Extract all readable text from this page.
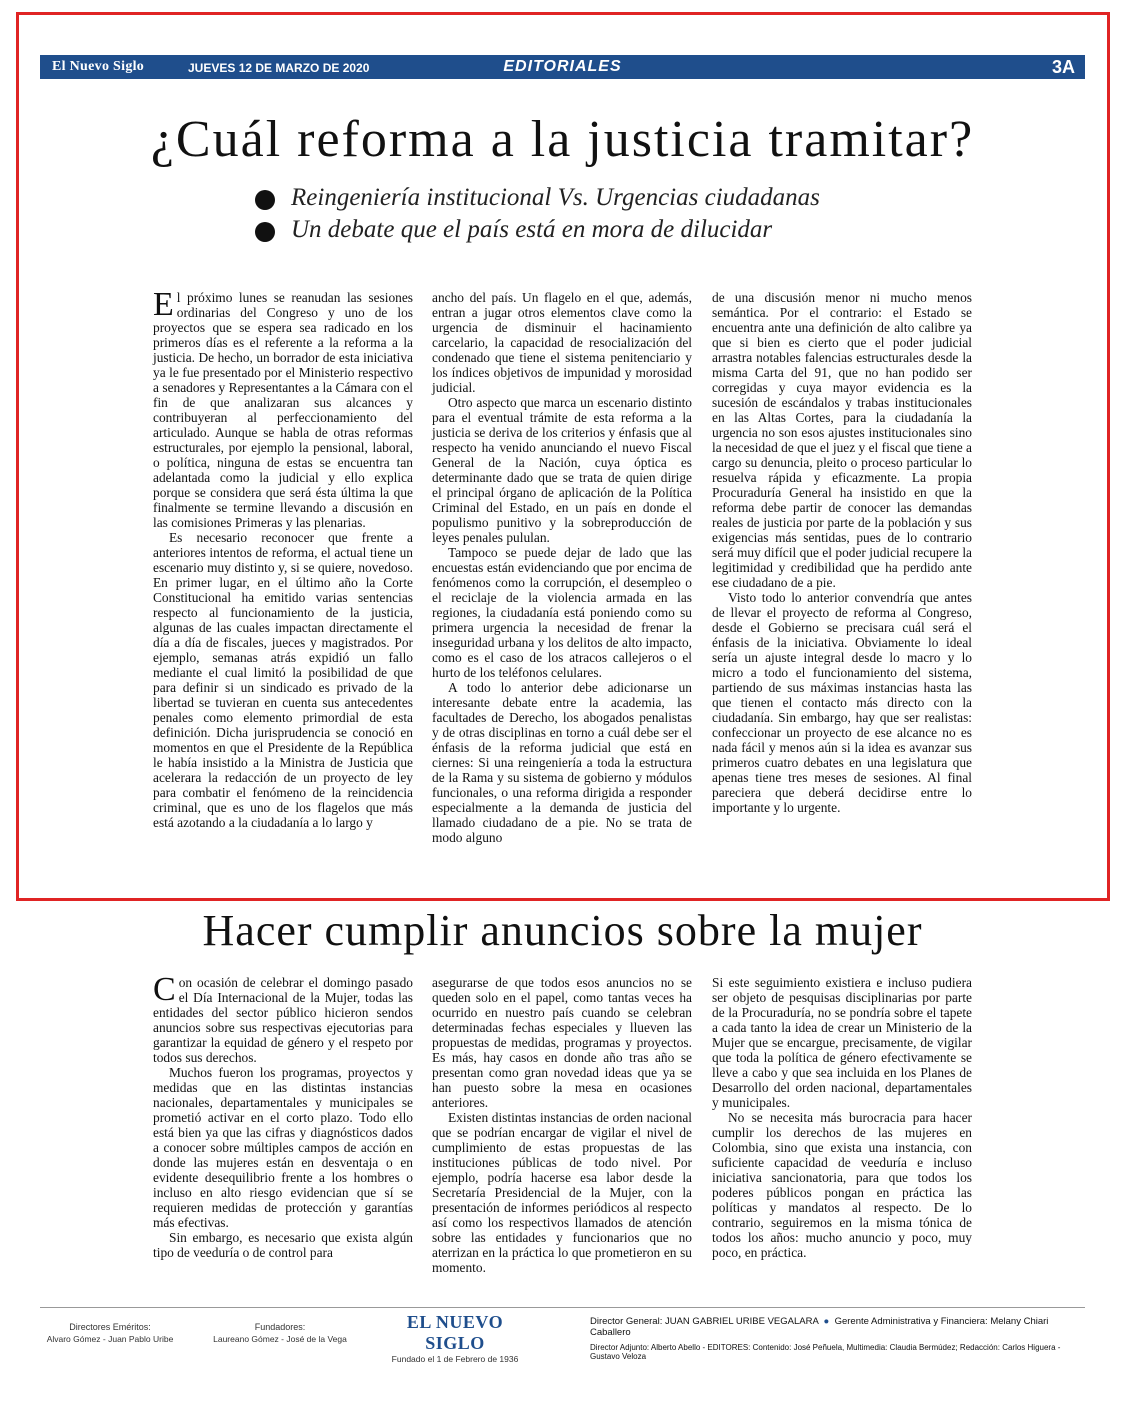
El Nuevo Siglo	JUEVES 12 DE MARZO DE 2020	EDITORIALES	3A
¿Cuál reforma a la justicia tramitar?
Reingeniería institucional Vs. Urgencias ciudadanas
Un debate que el país está en mora de dilucidar

El próximo lunes se reanudan las sesiones ordinarias del Congreso y uno de los proyectos que se espera sea radicado en los primeros días es el referente a la reforma a la justicia. De hecho, un borrador de esta iniciativa ya le fue presentado por el Ministerio respectivo a senadores y Representantes a la Cámara con el fin de que analizaran sus alcances y contribuyeran al perfeccionamiento del articulado. Aunque se habla de otras reformas estructurales, por ejemplo la pensional, laboral, o política, ninguna de estas se encuentra tan adelantada como la judicial y ello explica porque se considera que será ésta última la que finalmente se termine llevando a discusión en las comisiones Primeras y las plenarias.

Es necesario reconocer que frente a anteriores intentos de reforma, el actual tiene un escenario muy distinto y, si se quiere, novedoso. En primer lugar, en el último año la Corte Constitucional ha emitido varias sentencias respecto al funcionamiento de la justicia, algunas de las cuales impactan directamente el día a día de fiscales, jueces y magistrados. Por ejemplo, semanas atrás expidió un fallo mediante el cual limitó la posibilidad de que para definir si un sindicado es privado de la libertad se tuvieran en cuenta sus antecedentes penales como elemento primordial de esta definición. Dicha jurisprudencia se conoció en momentos en que el Presidente de la República le había insistido a la Ministra de Justicia que acelerara la redacción de un proyecto de ley para combatir el fenómeno de la reincidencia criminal, que es uno de los flagelos que más está azotando a la ciudadanía a lo largo y

ancho del país. Un flagelo en el que, además, entran a jugar otros elementos clave como la urgencia de disminuir el hacinamiento carcelario, la capacidad de resocialización del condenado que tiene el sistema penitenciario y los índices objetivos de impunidad y morosidad judicial.

Otro aspecto que marca un escenario distinto para el eventual trámite de esta reforma a la justicia se deriva de los criterios y énfasis que al respecto ha venido anunciando el nuevo Fiscal General de la Nación, cuya óptica es determinante dado que se trata de quien dirige el principal órgano de aplicación de la Política Criminal del Estado, en un país en donde el populismo punitivo y la sobreproducción de leyes penales pululan.

Tampoco se puede dejar de lado que las encuestas están evidenciando que por encima de fenómenos como la corrupción, el desempleo o el reciclaje de la violencia armada en las regiones, la ciudadanía está poniendo como su primera urgencia la necesidad de frenar la inseguridad urbana y los delitos de alto impacto, como es el caso de los atracos callejeros o el hurto de los teléfonos celulares.

A todo lo anterior debe adicionarse un interesante debate entre la academia, las facultades de Derecho, los abogados penalistas y de otras disciplinas en torno a cuál debe ser el énfasis de la reforma judicial que está en ciernes: Si una reingeniería a toda la estructura de la Rama y su sistema de gobierno y módulos funcionales, o una reforma dirigida a responder especialmente a la demanda de justicia del llamado ciudadano de a pie. No se trata de modo alguno

de una discusión menor ni mucho menos semántica. Por el contrario: el Estado se encuentra ante una definición de alto calibre ya que si bien es cierto que el poder judicial arrastra notables falencias estructurales desde la misma Carta del 91, que no han podido ser corregidas y cuya mayor evidencia es la sucesión de escándalos y trabas institucionales en las Altas Cortes, para la ciudadanía la urgencia no son esos ajustes institucionales sino la necesidad de que el juez y el fiscal que tiene a cargo su denuncia, pleito o proceso particular lo resuelva rápida y eficazmente. La propia Procuraduría General ha insistido en que la reforma debe partir de conocer las demandas reales de justicia por parte de la población y sus exigencias más sentidas, pues de lo contrario será muy difícil que el poder judicial recupere la legitimidad y credibilidad que ha perdido ante ese ciudadano de a pie.

Visto todo lo anterior convendría que antes de llevar el proyecto de reforma al Congreso, desde el Gobierno se precisara cuál será el énfasis de la iniciativa. Obviamente lo ideal sería un ajuste integral desde lo macro y lo micro a todo el funcionamiento del sistema, partiendo de sus máximas instancias hasta las que tienen el contacto más directo con la ciudadanía. Sin embargo, hay que ser realistas: confeccionar un proyecto de ese alcance no es nada fácil y menos aún si la idea es avanzar sus primeros cuatro debates en una legislatura que apenas tiene tres meses de sesiones. Al final pareciera que deberá decidirse entre lo importante y lo urgente.

Hacer cumplir anuncios sobre la mujer

Con ocasión de celebrar el domingo pasado el Día Internacional de la Mujer, todas las entidades del sector público hicieron sendos anuncios sobre sus respectivas ejecutorias para garantizar la equidad de género y el respeto por todos sus derechos.

Muchos fueron los programas, proyectos y medidas que en las distintas instancias nacionales, departamentales y municipales se prometió activar en el corto plazo. Todo ello está bien ya que las cifras y diagnósticos dados a conocer sobre múltiples campos de acción en donde las mujeres están en desventaja o en evidente desequilibrio frente a los hombres o incluso en alto riesgo evidencian que sí se requieren medidas de protección y garantías más efectivas.

Sin embargo, es necesario que exista algún tipo de veeduría o de control para

asegurarse de que todos esos anuncios no se queden solo en el papel, como tantas veces ha ocurrido en nuestro país cuando se celebran determinadas fechas especiales y llueven las propuestas de medidas, programas y proyectos. Es más, hay casos en donde año tras año se presentan como gran novedad ideas que ya se han puesto sobre la mesa en ocasiones anteriores.

Existen distintas instancias de orden nacional que se podrían encargar de vigilar el nivel de cumplimiento de estas propuestas de las instituciones públicas de todo nivel. Por ejemplo, podría hacerse esa labor desde la Secretaría Presidencial de la Mujer, con la presentación de informes periódicos al respecto así como los respectivos llamados de atención sobre las entidades y funcionarios que no aterrizan en la práctica lo que prometieron en su momento.

Si este seguimiento existiera e incluso pudiera ser objeto de pesquisas disciplinarias por parte de la Procuraduría, no se pondría sobre el tapete a cada tanto la idea de crear un Ministerio de la Mujer que se encargue, precisamente, de vigilar que toda la política de género efectivamente se lleve a cabo y que sea incluida en los Planes de Desarrollo del orden nacional, departamentales y municipales.

No se necesita más burocracia para hacer cumplir los derechos de las mujeres en Colombia, sino que exista una instancia, con suficiente capacidad de veeduría e incluso iniciativa sancionatoria, para que todos los poderes públicos pongan en práctica las políticas y mandatos al respecto. De lo contrario, seguiremos en la misma tónica de todos los años: mucho anuncio y poco, muy poco, en práctica.

Directores Eméritos:
Alvaro Gómez - Juan Pablo Uribe
Fundadores:
Laureano Gómez - José de la Vega
EL NUEVO SIGLO
Fundado el 1 de Febrero de 1936
Director General: JUAN GABRIEL URIBE VEGALARA ● Gerente Administrativa y Financiera: Melany Chiari Caballero
Director Adjunto: Alberto Abello - EDITORES: Contenido: José Peñuela, Multimedia: Claudia Bermúdez; Redacción: Carlos Higuera - Gustavo Veloza
